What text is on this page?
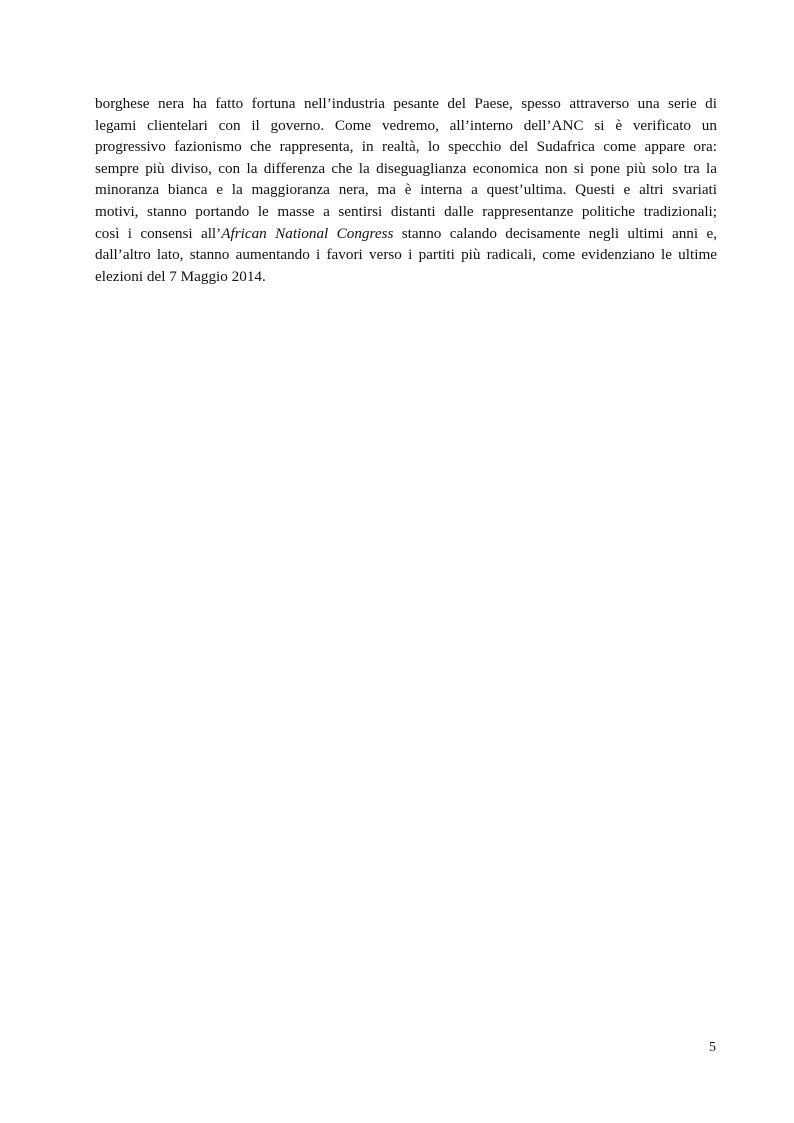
borghese nera ha fatto fortuna nell’industria pesante del Paese, spesso attraverso una serie di
legami clientelari con il governo. Come vedremo, all’interno dell’ANC si è verificato un
progressivo fazionismo che rappresenta, in realtà, lo specchio del Sudafrica come appare ora:
sempre più diviso, con la differenza che la diseguaglianza economica non si pone più solo tra la
minoranza bianca e la maggioranza nera, ma è interna a quest’ultima. Questi e altri svariati
motivi, stanno portando le masse a sentirsi distanti dalle rappresentanze politiche tradizionali;
così i consensi all’African National Congress stanno calando decisamente negli ultimi anni e,
dall’altro lato, stanno aumentando i favori verso i partiti più radicali, come evidenziano le ultime
elezioni del 7 Maggio 2014.

5
